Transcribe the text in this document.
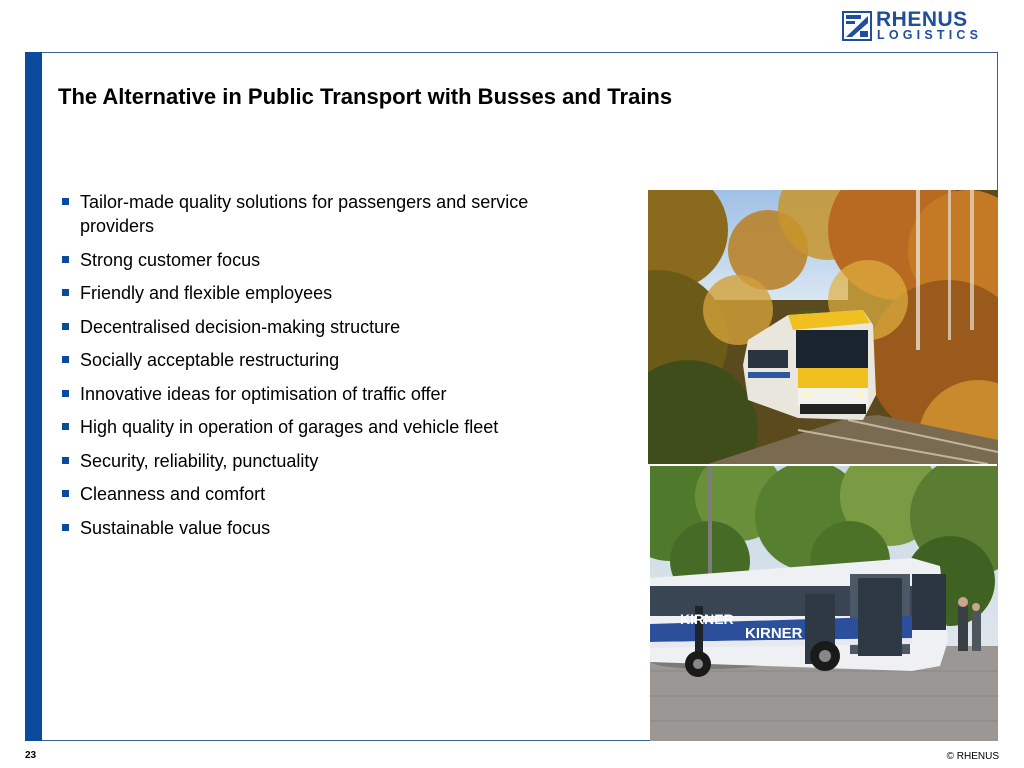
RHENUS
LOGISTICS
The Alternative in Public Transport with Busses and Trains
Tailor-made quality solutions for passengers and service providers
Strong customer focus
Friendly and flexible employees
Decentralised decision-making structure
Socially acceptable restructuring
Innovative ideas for optimisation of traffic offer
High quality in operation of garages and vehicle fleet
Security, reliability, punctuality
Cleanness and comfort
Sustainable value focus
KIRNER
KIRNER
23	© RHENUS
